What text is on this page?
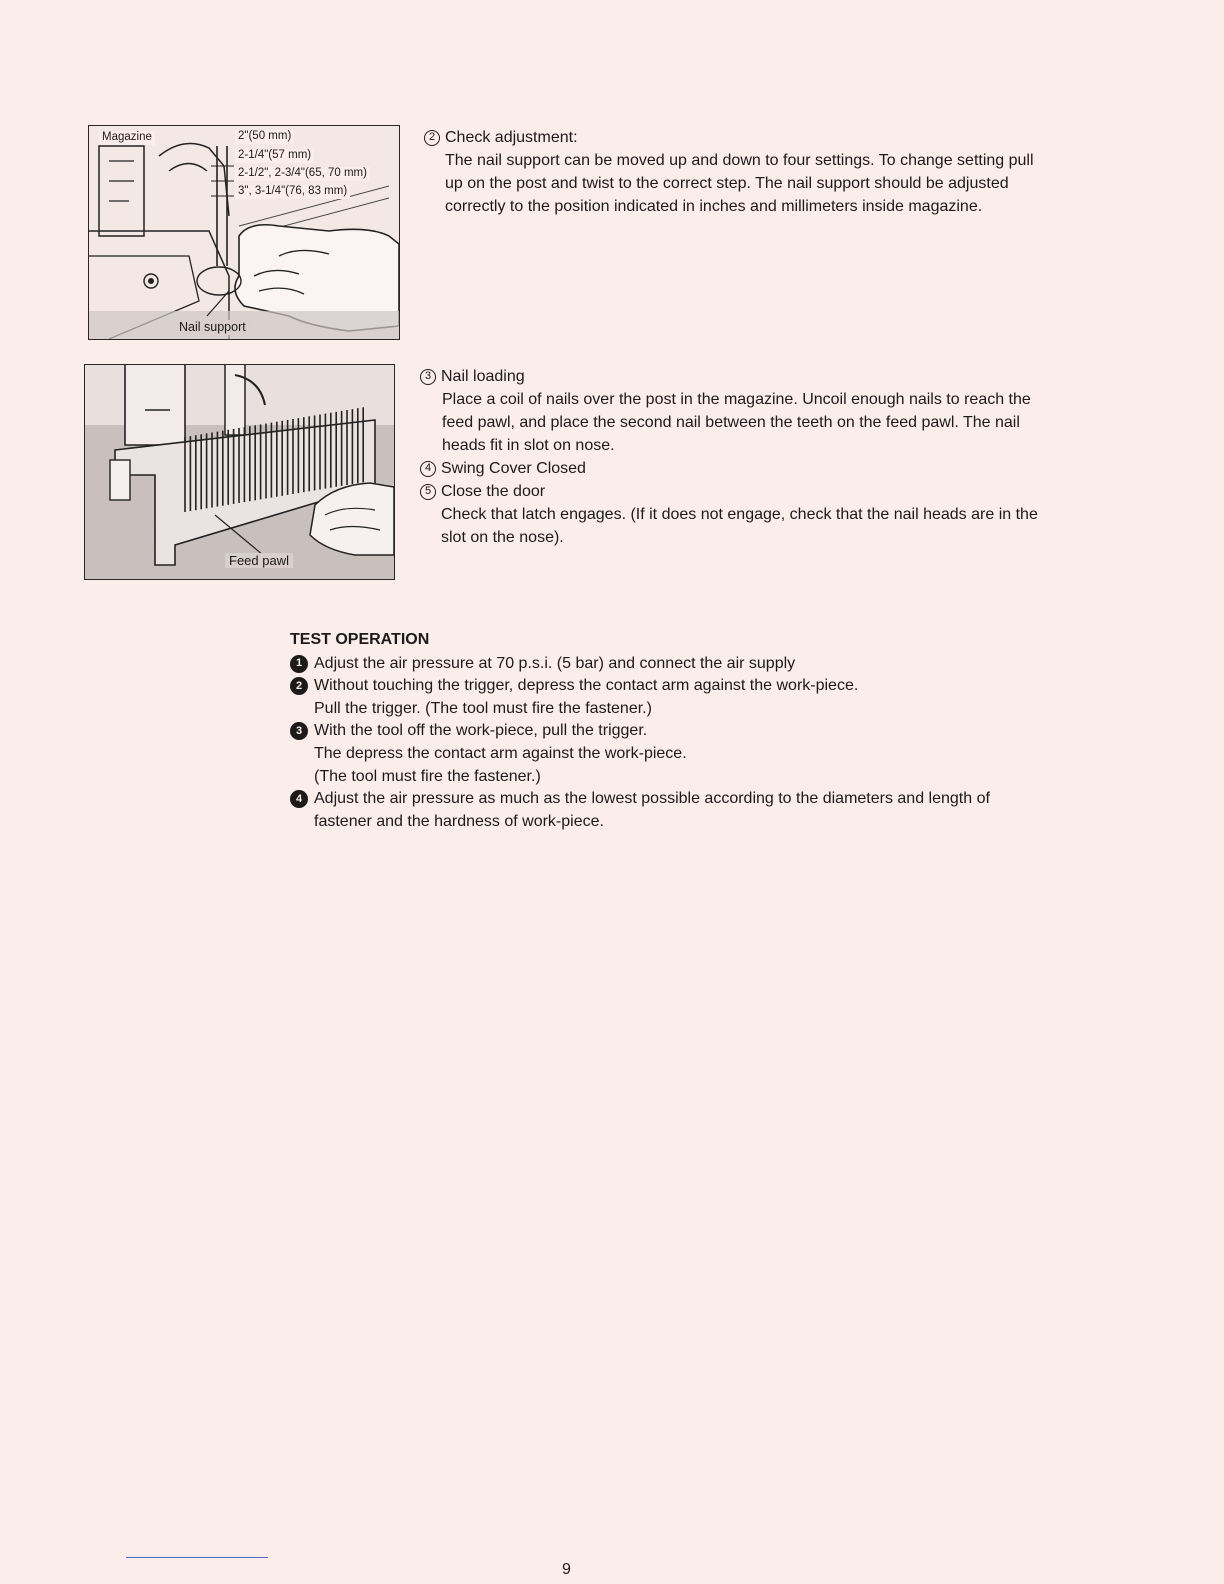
Magazine	2"(50 mm)
2-1/4"(57 mm)
2-1/2", 2-3/4"(65, 70 mm)
3", 3-1/4"(76, 83 mm)
Nail support
Feed pawl
2 Check adjustment:
The nail support can be moved up and down to four settings. To change setting pull
up on the post and twist to the correct step. The nail support should be adjusted
correctly to the position indicated in inches and millimeters inside magazine.
3 Nail loading
Place a coil of nails over the post in the magazine. Uncoil enough nails to reach the
feed pawl, and place the second nail between the teeth on the feed pawl. The nail
heads fit in slot on nose.
4 Swing Cover Closed
5 Close the door
Check that latch engages. (If it does not engage, check that the nail heads are in the
slot on the nose).
TEST OPERATION
1 Adjust the air pressure at 70 p.s.i. (5 bar) and connect the air supply
2 Without touching the trigger, depress the contact arm against the work-piece.
Pull the trigger. (The tool must fire the fastener.)
3 With the tool off the work-piece, pull the trigger.
The depress the contact arm against the work-piece.
(The tool must fire the fastener.)
4 Adjust the air pressure as much as the lowest possible according to the diameters and length of
fastener and the hardness of work-piece.
9
